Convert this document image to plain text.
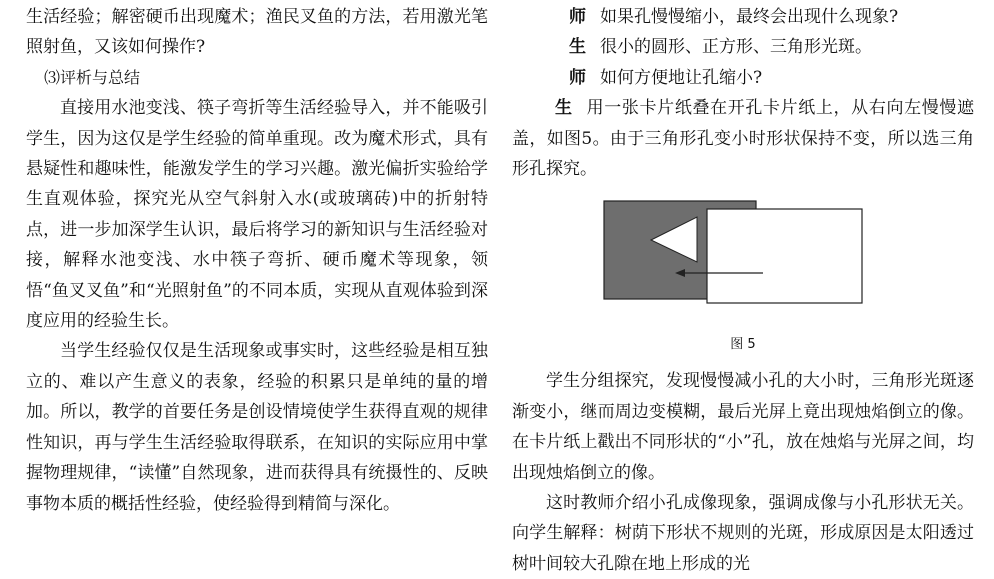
生活经验；解密硬币出现魔术；渔民叉鱼的方法，若用激光笔照射鱼，又该如何操作?

⑶评析与总结

直接用水池变浅、筷子弯折等生活经验导入，并不能吸引学生，因为这仅是学生经验的简单重现。改为魔术形式，具有悬疑性和趣味性，能激发学生的学习兴趣。激光偏折实验给学生直观体验，探究光从空气斜射入水(或玻璃砖)中的折射特点，进一步加深学生认识，最后将学习的新知识与生活经验对接，解释水池变浅、水中筷子弯折、硬币魔术等现象，领悟“鱼叉叉鱼”和“光照射鱼”的不同本质，实现从直观体验到深度应用的经验生长。

当学生经验仅仅是生活现象或事实时，这些经验是相互独立的、难以产生意义的表象，经验的积累只是单纯的量的增加。所以，教学的首要任务是创设情境使学生获得直观的规律性知识，再与学生生活经验取得联系，在知识的实际应用中掌握物理规律，“读懂”自然现象，进而获得具有统摄性的、反映事物本质的概括性经验，使经验得到精简与深化。

师 如果孔慢慢缩小，最终会出现什么现象?
生 很小的圆形、正方形、三角形光斑。
师 如何方便地让孔缩小?

生 用一张卡片纸叠在开孔卡片纸上，从右向左慢慢遮盖，如图5。由于三角形孔变小时形状保持不变，所以选三角形孔探究。

图 5

学生分组探究，发现慢慢减小孔的大小时，三角形光斑逐渐变小，继而周边变模糊，最后光屏上竟出现烛焰倒立的像。在卡片纸上戳出不同形状的“小”孔，放在烛焰与光屏之间，均出现烛焰倒立的像。

这时教师介绍小孔成像现象，强调成像与小孔形状无关。向学生解释：树荫下形状不规则的光斑，形成原因是太阳透过树叶间较大孔隙在地上形成的光
